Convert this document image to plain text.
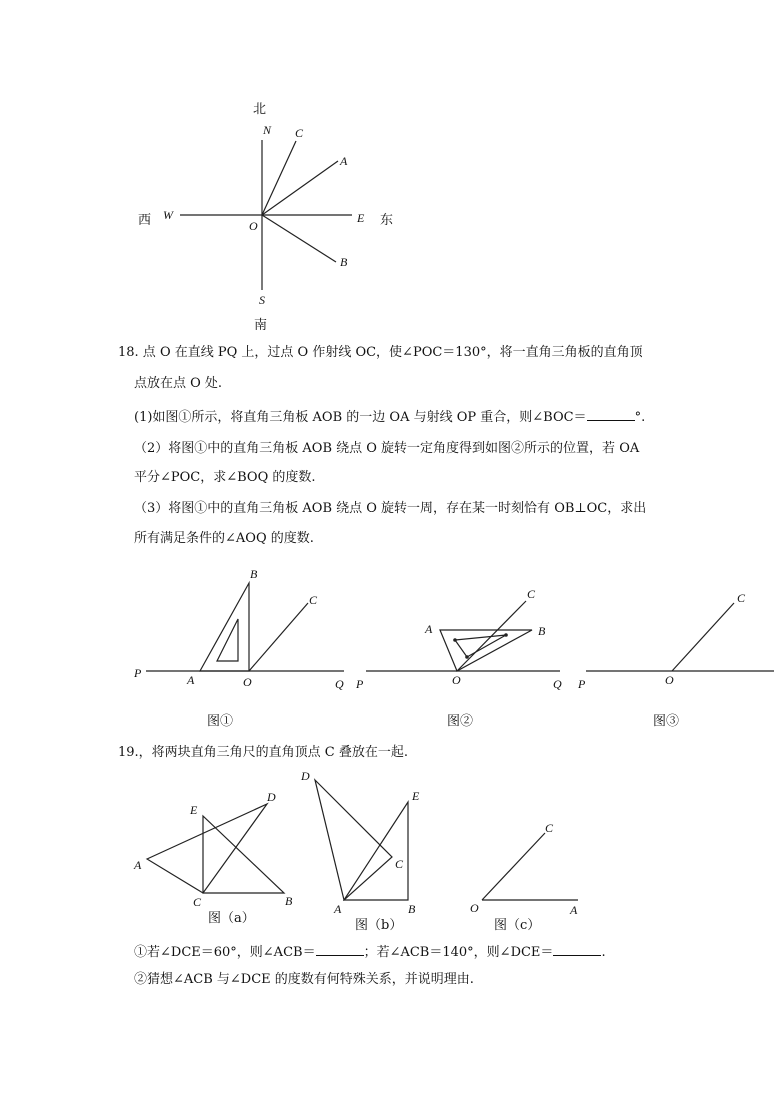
北
南
西	东
N C
A
W	E
O
B
S
18. 点 O 在直线 PQ 上，过点 O 作射线 OC，使∠POC＝130°，将一直角三角板的直角顶
点放在点 O 处.
(1)如图①所示，将直角三角板 AOB 的一边 OA 与射线 OP 重合，则∠BOC＝	°.
（2）将图①中的直角三角板 AOB 绕点 O 旋转一定角度得到如图②所示的位置，若 OA
平分∠POC，求∠BOQ 的度数.
（3）将图①中的直角三角板 AOB 绕点 O 旋转一周，存在某一时刻恰有 OB⊥OC，求出
所有满足条件的∠AOQ 的度数.
P	A	O	Q
B
C
P
A
O	Q
B
C
P	O
C
图①	图②	图③
19.，将两块直角三角尺的直角顶点 C 叠放在一起.
A
C	B
E
D
D
E
C
A	B	O	A
C
图（a）	图（b）	图（c）
①若∠DCE＝60°，则∠ACB＝	；若∠ACB＝140°，则∠DCE＝	.
②猜想∠ACB 与∠DCE 的度数有何特殊关系，并说明理由.
